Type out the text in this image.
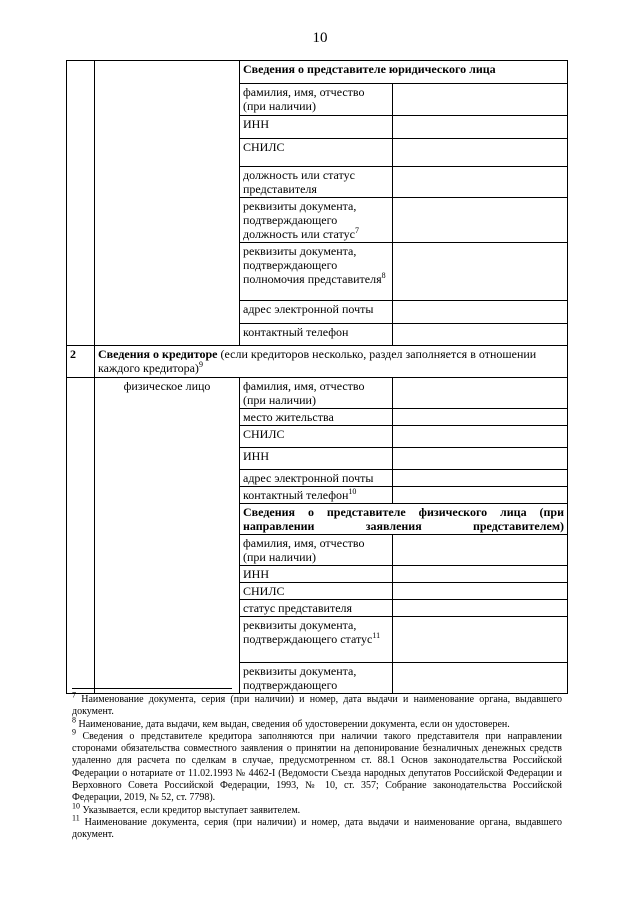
10
		Сведения о представителе юридического лица	
		фамилия, имя, отчество (при наличии)	
		ИНН	
		СНИЛС	
		должность или статус представителя	
		реквизиты документа, подтверждающего должность или статус$^7$	
		реквизиты документа, подтверждающего полномочия представителя$^8$	
		адрес электронной почты	
		контактный телефон	
2	Сведения о кредиторе (если кредиторов несколько, раздел заполняется в отношении каждого кредитора)$^9$
	физическое лицо	фамилия, имя, отчество (при наличии)	
		место жительства	
		СНИЛС	
		ИНН	
		адрес электронной почты	
		контактный телефон$^{10}$	
		Сведения о представителе физического лица (при направлении заявления представителем)	
		фамилия, имя, отчество (при наличии)	
		ИНН	
		СНИЛС	
		статус представителя	
		реквизиты документа, подтверждающего статус$^{11}$	
		реквизиты документа, подтверждающего	

$^7$ Наименование документа, серия (при наличии) и номер, дата выдачи и наименование органа, выдавшего документ.

$^8$ Наименование, дата выдачи, кем выдан, сведения об удостоверении документа, если он удостоверен.

$^9$ Сведения о представителе кредитора заполняются при наличии такого представителя при направлении сторонами обязательства совместного заявления о принятии на депонирование безналичных денежных средств удаленно для расчета по сделкам в случае, предусмотренном ст. 88.1 Основ законодательства Российской Федерации о нотариате от 11.02.1993 № 4462-I (Ведомости Съезда народных депутатов Российской Федерации и Верховного Совета Российской Федерации, 1993, № 10, ст. 357; Собрание законодательства Российской Федерации, 2019, № 52, ст. 7798).

$^{10}$ Указывается, если кредитор выступает заявителем.

$^{11}$ Наименование документа, серия (при наличии) и номер, дата выдачи и наименование органа, выдавшего документ.
